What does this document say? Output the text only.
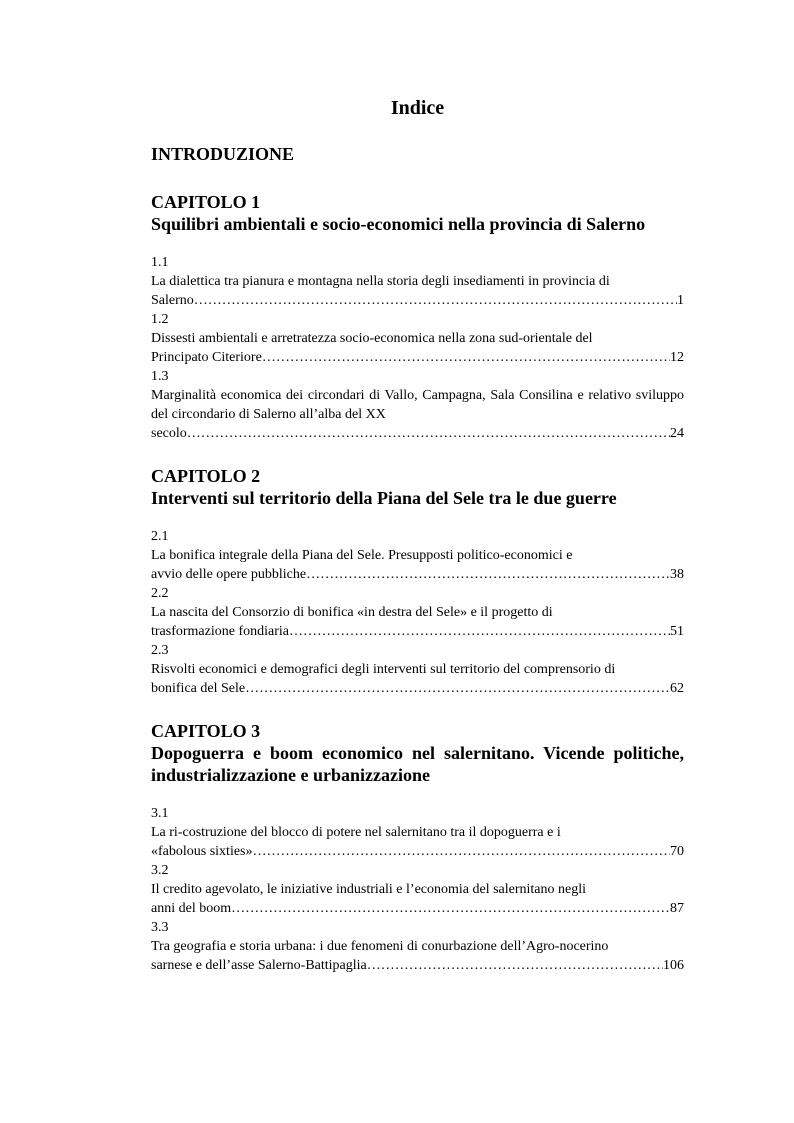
Indice
INTRODUZIONE
CAPITOLO 1
Squilibri ambientali e socio-economici nella provincia di Salerno
1.1
La dialettica tra pianura e montagna nella storia degli insediamenti in provincia di
Salerno ……………………………………………………………………………………………………………………………………………………	1
1.2
Dissesti ambientali e arretratezza socio-economica nella zona sud-orientale del
Principato Citeriore ……………………………………………………………………………………………………………………………………………………	12
1.3
Marginalità economica dei circondari di Vallo, Campagna, Sala Consilina e relativo sviluppo del circondario di Salerno all’alba del XX
secolo ……………………………………………………………………………………………………………………………………………………	24
CAPITOLO 2
Interventi sul territorio della Piana del Sele tra le due guerre
2.1
La bonifica integrale della Piana del Sele. Presupposti politico-economici e
avvio delle opere pubbliche ……………………………………………………………………………………………………………………………………………………	38
2.2
La nascita del Consorzio di bonifica «in destra del Sele» e il progetto di
trasformazione fondiaria ……………………………………………………………………………………………………………………………………………………	51
2.3
Risvolti economici e demografici degli interventi sul territorio del comprensorio di
bonifica del Sele ……………………………………………………………………………………………………………………………………………………	62
CAPITOLO 3
Dopoguerra e boom economico nel salernitano. Vicende politiche, industrializzazione e urbanizzazione
3.1
La ri-costruzione del blocco di potere nel salernitano tra il dopoguerra e i
«fabolous sixties» ……………………………………………………………………………………………………………………………………………………	70
3.2
Il credito agevolato, le iniziative industriali e l’economia del salernitano negli
anni del boom ……………………………………………………………………………………………………………………………………………………	87
3.3
Tra geografia e storia urbana: i due fenomeni di conurbazione dell’Agro-nocerino
sarnese e dell’asse Salerno-Battipaglia ……………………………………………………………………………………………………………………………………………………	106
